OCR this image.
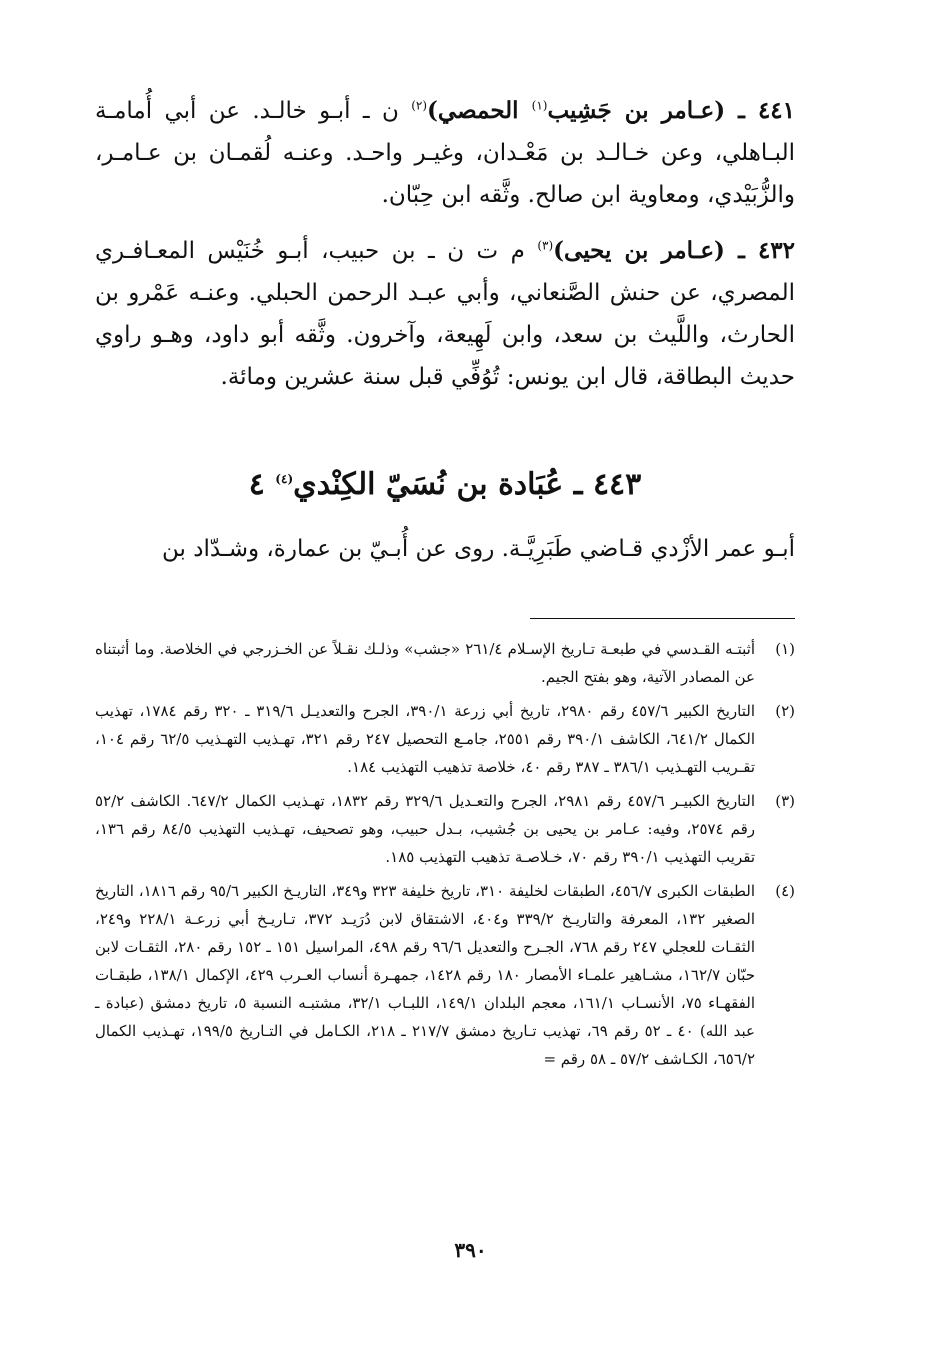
٤٤١ ـ (عـامر بن جَشِيب$^{(١)}$ الحمصي)$^{(٢)}$ ن ـ أبـو خالـد. عن أبي أُمامـة البـاهلي، وعن خـالـد بن مَعْـدان، وغيـر واحـد. وعنـه لُقمـان بن عـامـر، والزُّبَيْدي، ومعاوية ابن صالح. وثَّقه ابن حِبّان.

٤٣٢ ـ (عـامر بن يحيى)$^{(٣)}$ م ت ن ـ بن حبيب، أبـو خُنَيْس المعـافـري المصري، عن حنش الصَّنعاني، وأبي عبـد الرحمن الحبلي. وعنـه عَمْرو بن الحارث، واللَّيث بن سعد، وابن لَهِيعة، وآخرون. وثَّقه أبو داود، وهـو راوي حديث البطاقة، قال ابن يونس: تُوُفِّي قبل سنة عشرين ومائة.

٤٤٣ ـ عُبَادة بن نُسَيّ الكِنْدي$^{(٤)}$ ٤
أبـو عمر الأزْدي قـاضي طَبَرِيَّـة. روى عن أُبـيّ بن عمارة، وشـدّاد بن
(١)
أثبتـه القـدسي في طبعـة تـاريخ الإسـلام ٢٦١/٤ «جشب» وذلـك نقـلاً عن الخـزرجي في الخلاصة. وما أثبتناه عن المصادر الآتية، وهو بفتح الجيم.
(٢)
التاريخ الكبير ٤٥٧/٦ رقم ٢٩٨٠، تاريخ أبي زرعة ٣٩٠/١، الجرح والتعديـل ٣١٩/٦ ـ ٣٢٠ رقم ١٧٨٤، تهذيب الكمال ٦٤١/٢، الكاشف ٣٩٠/١ رقم ٢٥٥١، جامـع التحصيل ٢٤٧ رقم ٣٢١، تهـذيب التهـذيب ٦٢/٥ رقم ١٠٤، تقـريب التهـذيب ٣٨٦/١ ـ ٣٨٧ رقم ٤٠، خلاصة تذهيب التهذيب ١٨٤.
(٣)
التاريخ الكبيـر ٤٥٧/٦ رقم ٢٩٨١، الجرح والتعـديل ٣٢٩/٦ رقم ١٨٣٢، تهـذيب الكمال ٦٤٧/٢. الكاشف ٥٢/٢ رقم ٢٥٧٤، وفيه: عـامر بن يحيى بن جُشيب، بـدل حبيب، وهو تصحيف، تهـذيب التهذيب ٨٤/٥ رقم ١٣٦، تقريب التهذيب ٣٩٠/١ رقم ٧٠، خـلاصـة تذهيب التهذيب ١٨٥.
(٤)
الطبقات الكبرى ٤٥٦/٧، الطبقات لخليفة ٣١٠، تاريخ خليفة ٣٢٣ و٣٤٩، التاريـخ الكبير ٩٥/٦ رقم ١٨١٦، التاريخ الصغير ١٣٢، المعرفة والتاريـخ ٣٣٩/٢ و٤٠٤، الاشتقاق لابن دُرَيـد ٣٧٢، تـاريـخ أبي زرعـة ٢٢٨/١ و٢٤٩، الثقـات للعجلي ٢٤٧ رقم ٧٦٨، الجـرح والتعديل ٩٦/٦ رقم ٤٩٨، المراسيل ١٥١ ـ ١٥٢ رقم ٢٨٠، الثقـات لابن حبّان ١٦٢/٧، مشـاهير علمـاء الأمصار ١٨٠ رقم ١٤٢٨، جمهـرة أنساب العـرب ٤٢٩، الإكمال ١٣٨/١، طبقـات الفقهـاء ٧٥، الأنسـاب ١٦١/١، معجم البلدان ١٤٩/١، اللبـاب ٣٢/١، مشتبـه النسبة ٥، تاريخ دمشق (عبادة ـ عبد الله) ٤٠ ـ ٥٢ رقم ٦٩، تهذيب تـاريخ دمشق ٢١٧/٧ ـ ٢١٨، الكـامل في التـاريخ ١٩٩/٥، تهـذيب الكمال ٦٥٦/٢، الكـاشف ٥٧/٢ ـ ٥٨ رقم =
٣٩٠
